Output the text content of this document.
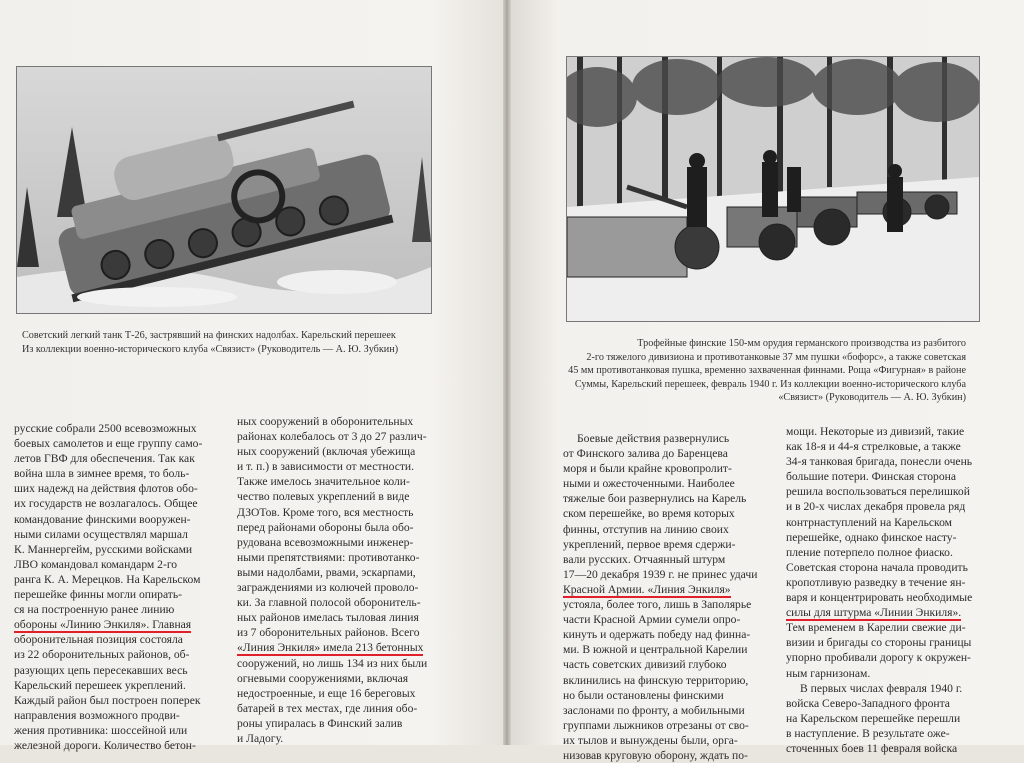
Советский легкий танк Т-26, застрявший на финских надолбах. Карельский перешеек
Из коллекции военно-исторического клуба «Связист» (Руководитель — А. Ю. Зубкин)
русские собрали 2500 всевозможных
боевых самолетов и еще группу само-
летов ГВФ для обеспечения. Так как
война шла в зимнее время, то боль-
ших надежд на действия флотов обо-
их государств не возлагалось. Общее
командование финскими вооружен-
ными силами осуществлял маршал
К. Маннергейм, русскими войсками
ЛВО командовал командарм 2-го
ранга К. А. Мерецков. На Карельском
перешейке финны могли опирать-
ся на построенную ранее линию
обороны «Линию Энкиля». Главная
оборонительная позиция состояла
из 22 оборонительных районов, об-
разующих цепь пересекавших весь
Карельский перешеек укреплений.
Каждый район был построен поперек
направления возможного продви-
жения противника: шоссейной или
железной дороги. Количество бетон-
ных сооружений в оборонительных
районах колебалось от 3 до 27 различ-
ных сооружений (включая убежища
и т. п.) в зависимости от местности.
Также имелось значительное коли-
чество полевых укреплений в виде
ДЗОТов. Кроме того, вся местность
перед районами обороны была обо-
рудована всевозможными инженер-
ными препятствиями: противотанко-
выми надолбами, рвами, эскарпами,
заграждениями из колючей проволо-
ки. За главной полосой оборонитель-
ных районов имелась тыловая линия
из 7 оборонительных районов. Всего
«Линия Энкиля» имела 213 бетонных
сооружений, но лишь 134 из них были
огневыми сооружениями, включая
недостроенные, и еще 16 береговых
батарей в тех местах, где линия обо-
роны упиралась в Финский залив
и Ладогу.
Трофейные финские 150-мм орудия германского производства из разбитого
2-го тяжелого дивизиона и противотанковые 37 мм пушки «бофорс», а также советская
45 мм противотанковая пушка, временно захваченная финнами. Роща «Фигурная» в районе
Суммы, Карельский перешеек, февраль 1940 г. Из коллекции военно-исторического клуба
«Связист» (Руководитель — А. Ю. Зубкин)
Боевые действия развернулись
от Финского залива до Баренцева
моря и были крайне кровопролит-
ными и ожесточенными. Наиболее
тяжелые бои развернулись на Карель
ском перешейке, во время которых
финны, отступив на линию своих
укреплений, первое время сдержи-
вали русских. Отчаянный штурм
17—20 декабря 1939 г. не принес удачи
Красной Армии. «Линия Энкиля»
устояла, более того, лишь в Заполярье
части Красной Армии сумели опро-
кинуть и одержать победу над финна-
ми. В южной и центральной Карелии
часть советских дивизий глубоко
вклинились на финскую территорию,
но были остановлены финскими
заслонами по фронту, а мобильными
группами лыжников отрезаны от сво-
их тылов и вынуждены были, орга-
низовав круговую оборону, ждать по-
мощи. Некоторые из дивизий, такие
как 18-я и 44-я стрелковые, а также
34-я танковая бригада, понесли очень
большие потери. Финская сторона
решила воспользоваться перелишкой
и в 20-х числах декабря провела ряд
контрнаступлений на Карельском
перешейке, однако финское насту-
пление потерпело полное фиаско.
Советская сторона начала проводить
кропотливую разведку в течение ян-
варя и концентрировать необходимые
силы для штурма «Линии Энкиля».
Тем временем в Карелии свежие ди-
визии и бригады со стороны границы
упорно пробивали дорогу к окружен-
ным гарнизонам.
В первых числах февраля 1940 г.
войска Северо-Западного фронта
на Карельском перешейке перешли
в наступление. В результате оже-
сточенных боев 11 февраля войска
